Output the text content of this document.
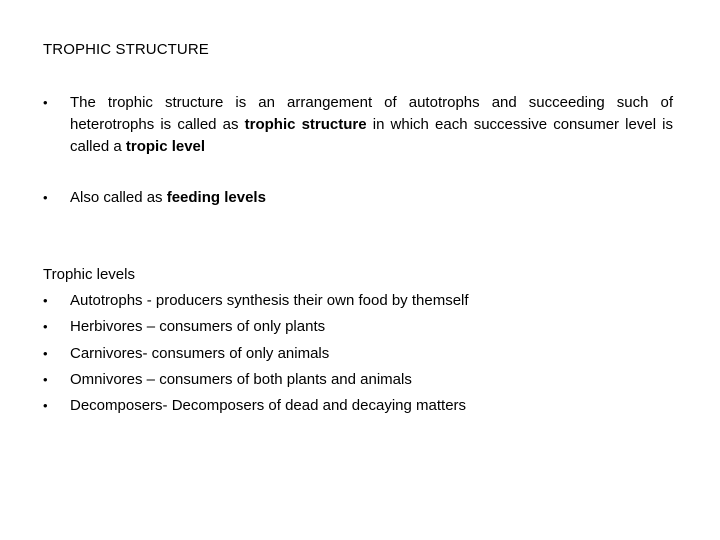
TROPHIC STRUCTURE
•	The trophic structure is an arrangement of autotrophs and succeeding such of heterotrophs is called as trophic structure in which each successive consumer level is called a tropic level
•	Also called as feeding levels
Trophic levels
•	Autotrophs - producers synthesis their own food by themself
•	Herbivores – consumers of only plants
•	Carnivores- consumers of only animals
•	Omnivores – consumers of both plants and animals
•	Decomposers- Decomposers of dead and decaying matters
